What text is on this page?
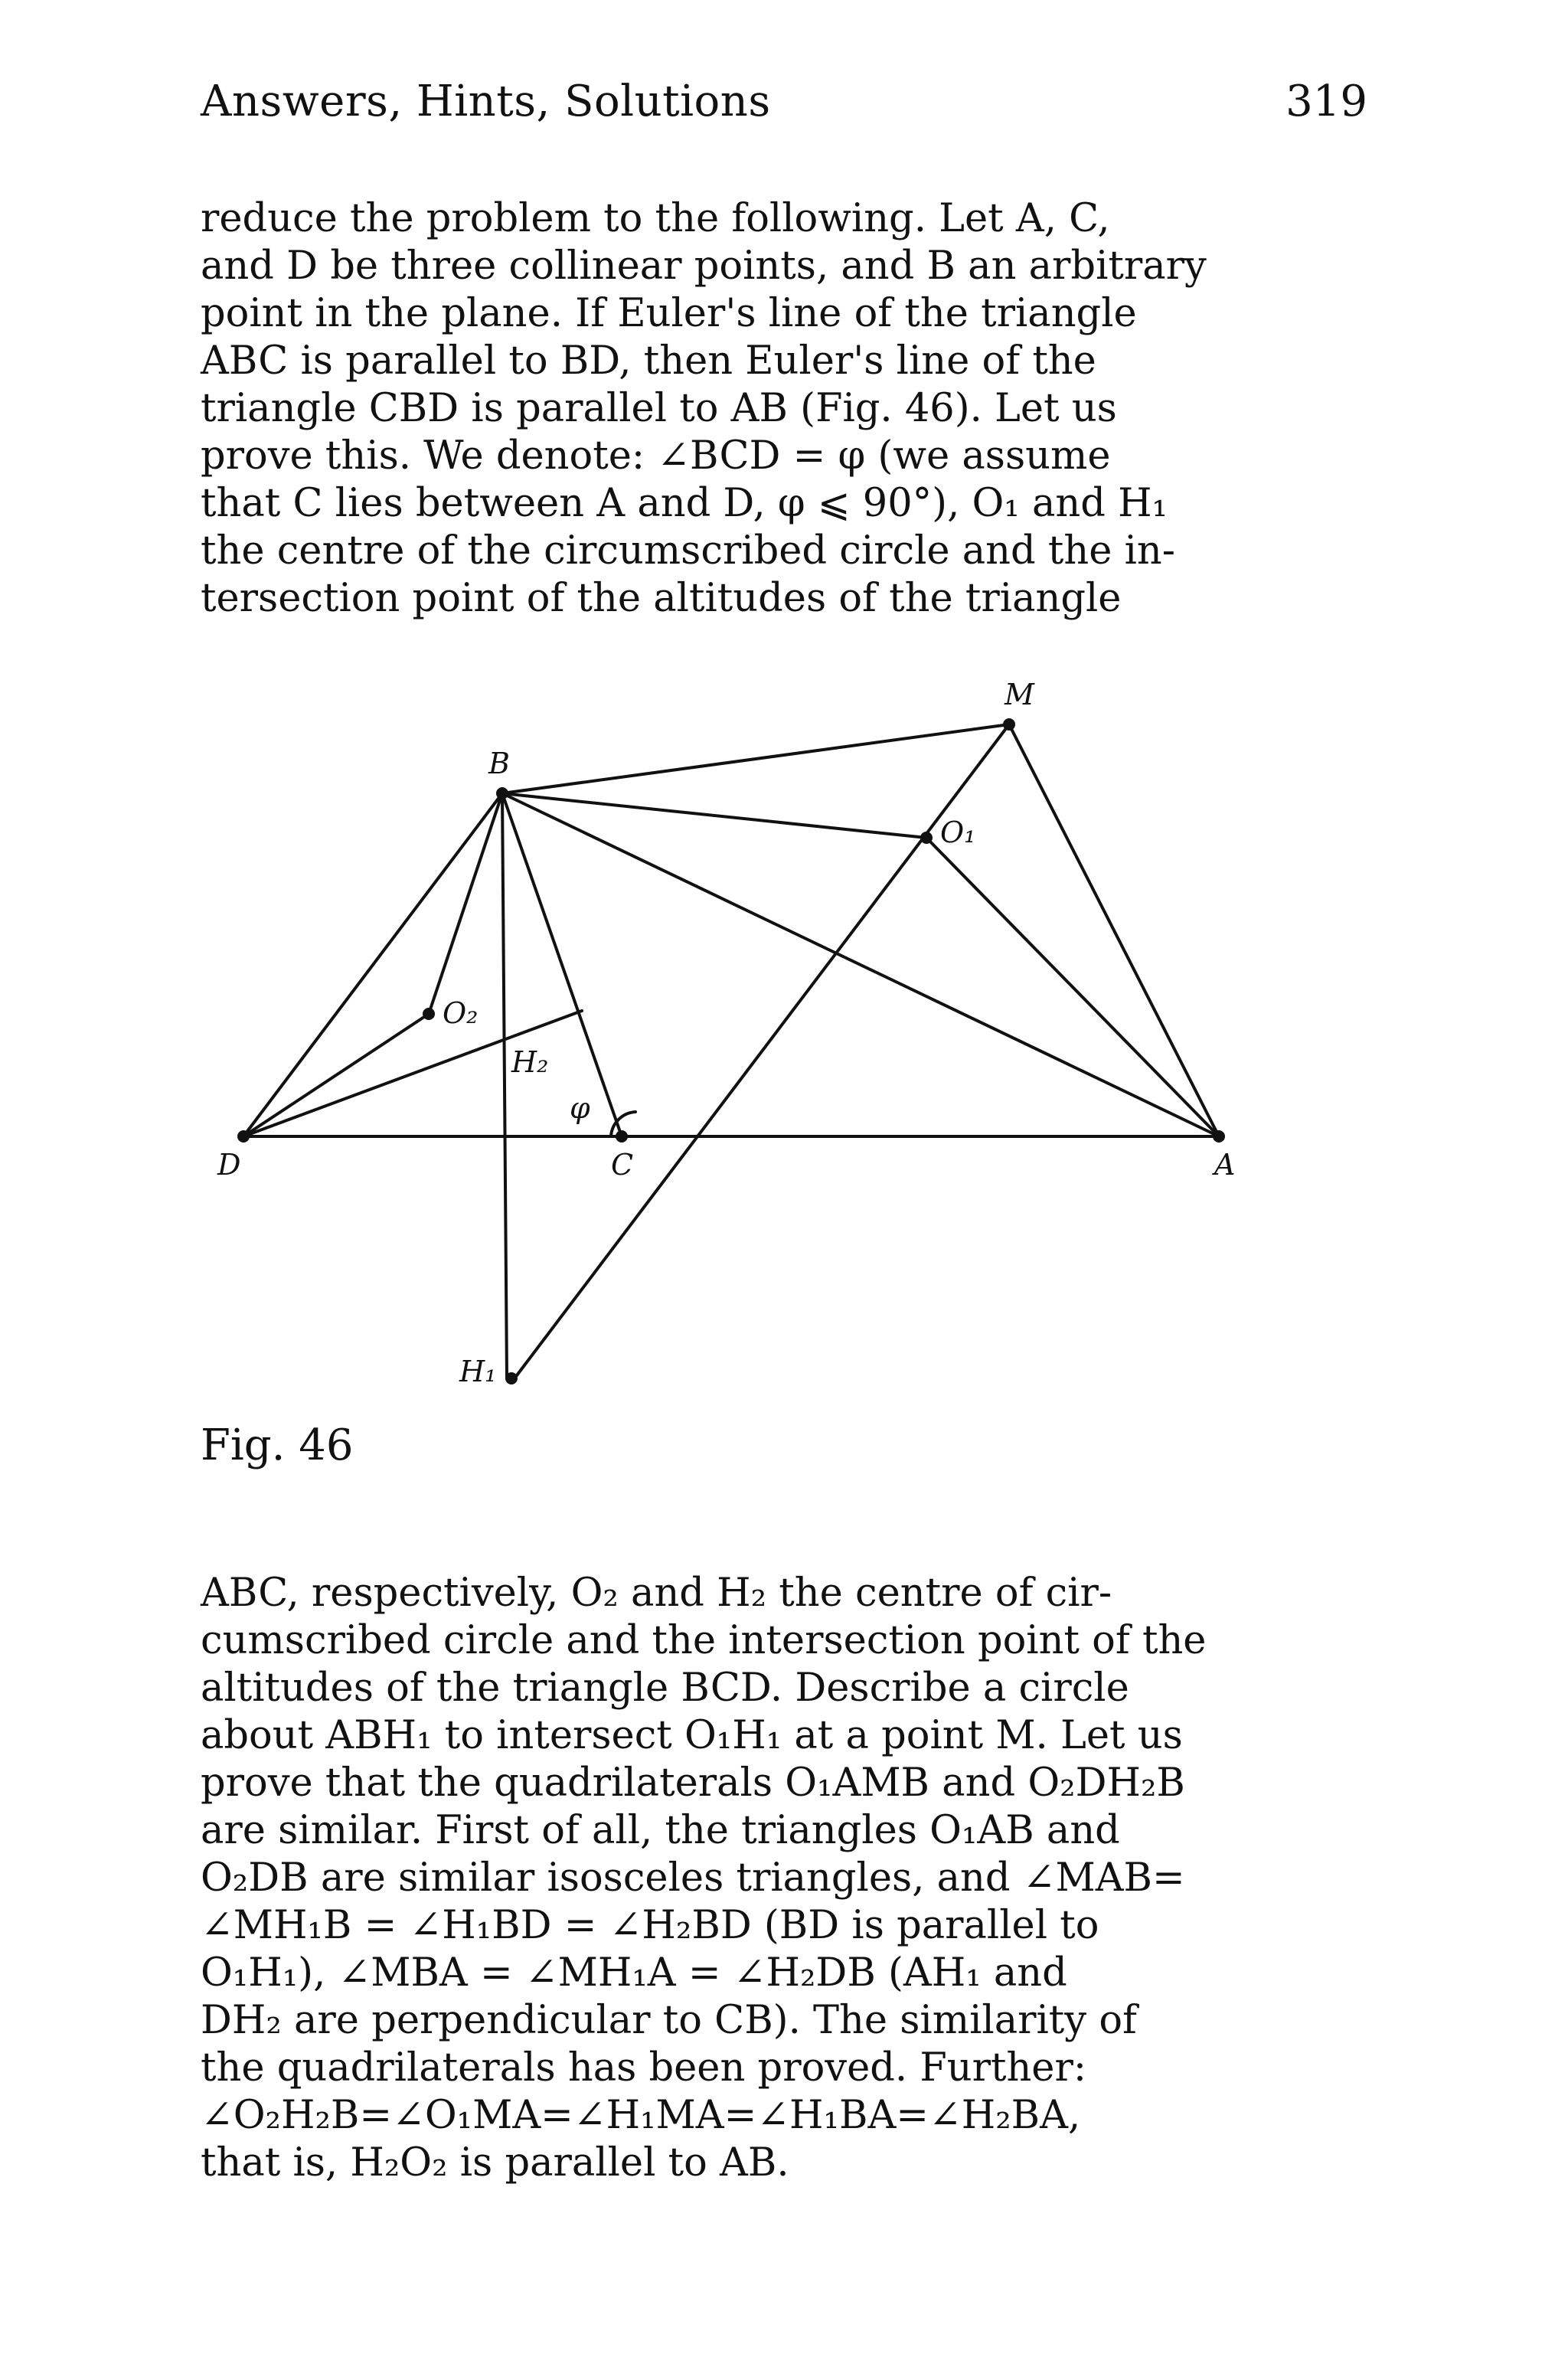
Answers, Hints, Solutions	319
reduce the problem to the following. Let A, C,
and D be three collinear points, and B an arbitrary
point in the plane. If Euler's line of the triangle
ABC is parallel to BD, then Euler's line of the
triangle CBD is parallel to AB (Fig. 46). Let us
prove this. We denote: ∠BCD = φ (we assume
that C lies between A and D, φ ⩽ 90°), O₁ and H₁
the centre of the circumscribed circle and the in-
tersection point of the altitudes of the triangle
M
B
O₁
O₂
H₂
φ
D	C	A
H₁
Fig. 46
ABC, respectively, O₂ and H₂ the centre of cir-
cumscribed circle and the intersection point of the
altitudes of the triangle BCD. Describe a circle
about ABH₁ to intersect O₁H₁ at a point M. Let us
prove that the quadrilaterals O₁AMB and O₂DH₂B
are similar. First of all, the triangles O₁AB and
O₂DB are similar isosceles triangles, and ∠MAB=
∠MH₁B = ∠H₁BD = ∠H₂BD (BD is parallel to
O₁H₁), ∠MBA = ∠MH₁A = ∠H₂DB (AH₁ and
DH₂ are perpendicular to CB). The similarity of
the quadrilaterals has been proved. Further:
∠O₂H₂B=∠O₁MA=∠H₁MA=∠H₁BA=∠H₂BA,
that is, H₂O₂ is parallel to AB.
